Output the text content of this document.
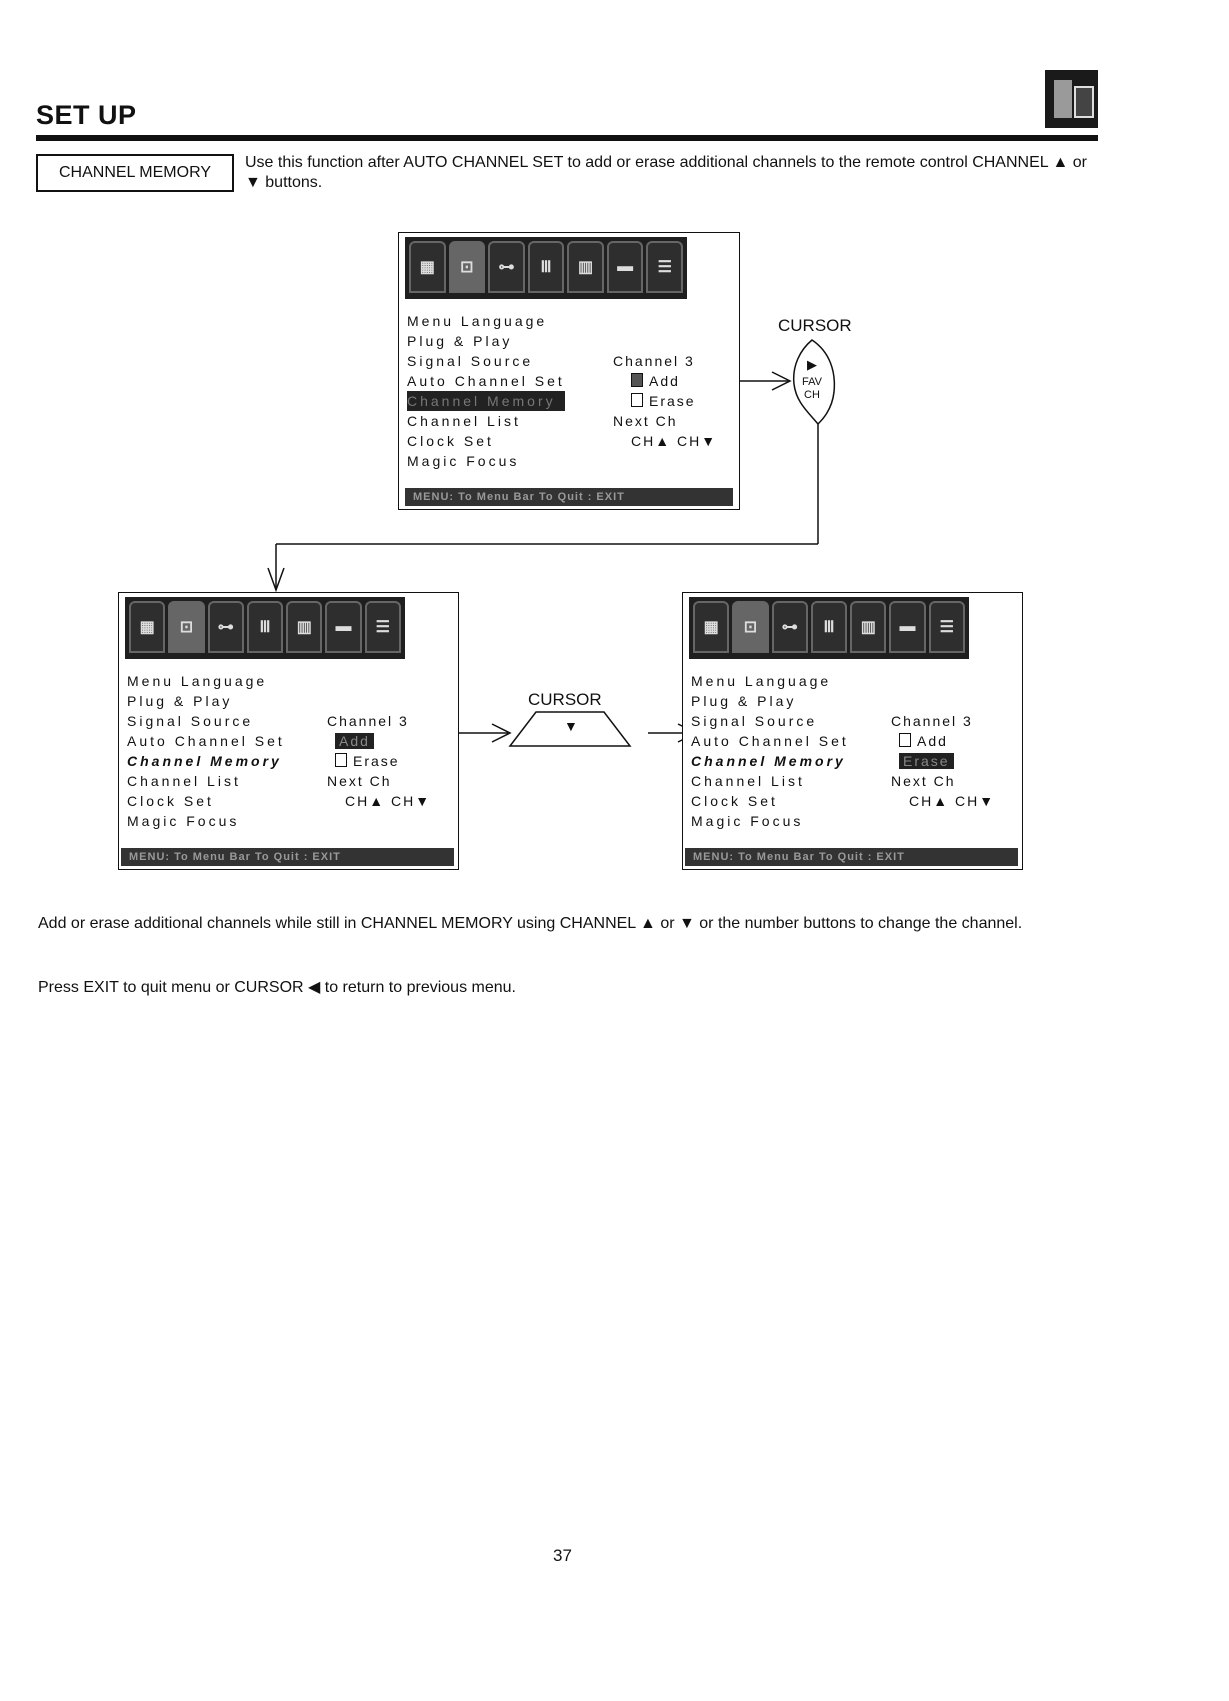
SET UP
CHANNEL MEMORY
Use this function after AUTO CHANNEL SET to add or erase additional channels to the remote control CHANNEL ▲ or ▼ buttons.
▦	⊡	⊶	Ⅲ	▥	▬	☰
Menu Language
Plug & Play
Signal Source
Auto Channel Set
Channel Memory
Channel List
Clock Set
Magic Focus
Channel 3
Add
Erase
Next Ch
CH▲ CH▼
MENU: To Menu Bar To Quit : EXIT
CURSOR
▶
FAV
CH
▦	⊡	⊶	Ⅲ	▥	▬	☰
Menu Language
Plug & Play
Signal Source
Auto Channel Set
Channel Memory
Channel List
Clock Set
Magic Focus
Channel 3
Add
Erase
Next Ch
CH▲ CH▼
MENU: To Menu Bar To Quit : EXIT
CURSOR
▼
▦	⊡	⊶	Ⅲ	▥	▬	☰
Menu Language
Plug & Play
Signal Source
Auto Channel Set
Channel Memory
Channel List
Clock Set
Magic Focus
Channel 3
Add
Erase
Next Ch
CH▲ CH▼
MENU: To Menu Bar To Quit : EXIT
Add or erase additional channels while still in CHANNEL MEMORY using CHANNEL ▲ or ▼ or the number buttons to change the channel.
Press EXIT to quit menu or CURSOR ◀ to return to previous menu.
37
